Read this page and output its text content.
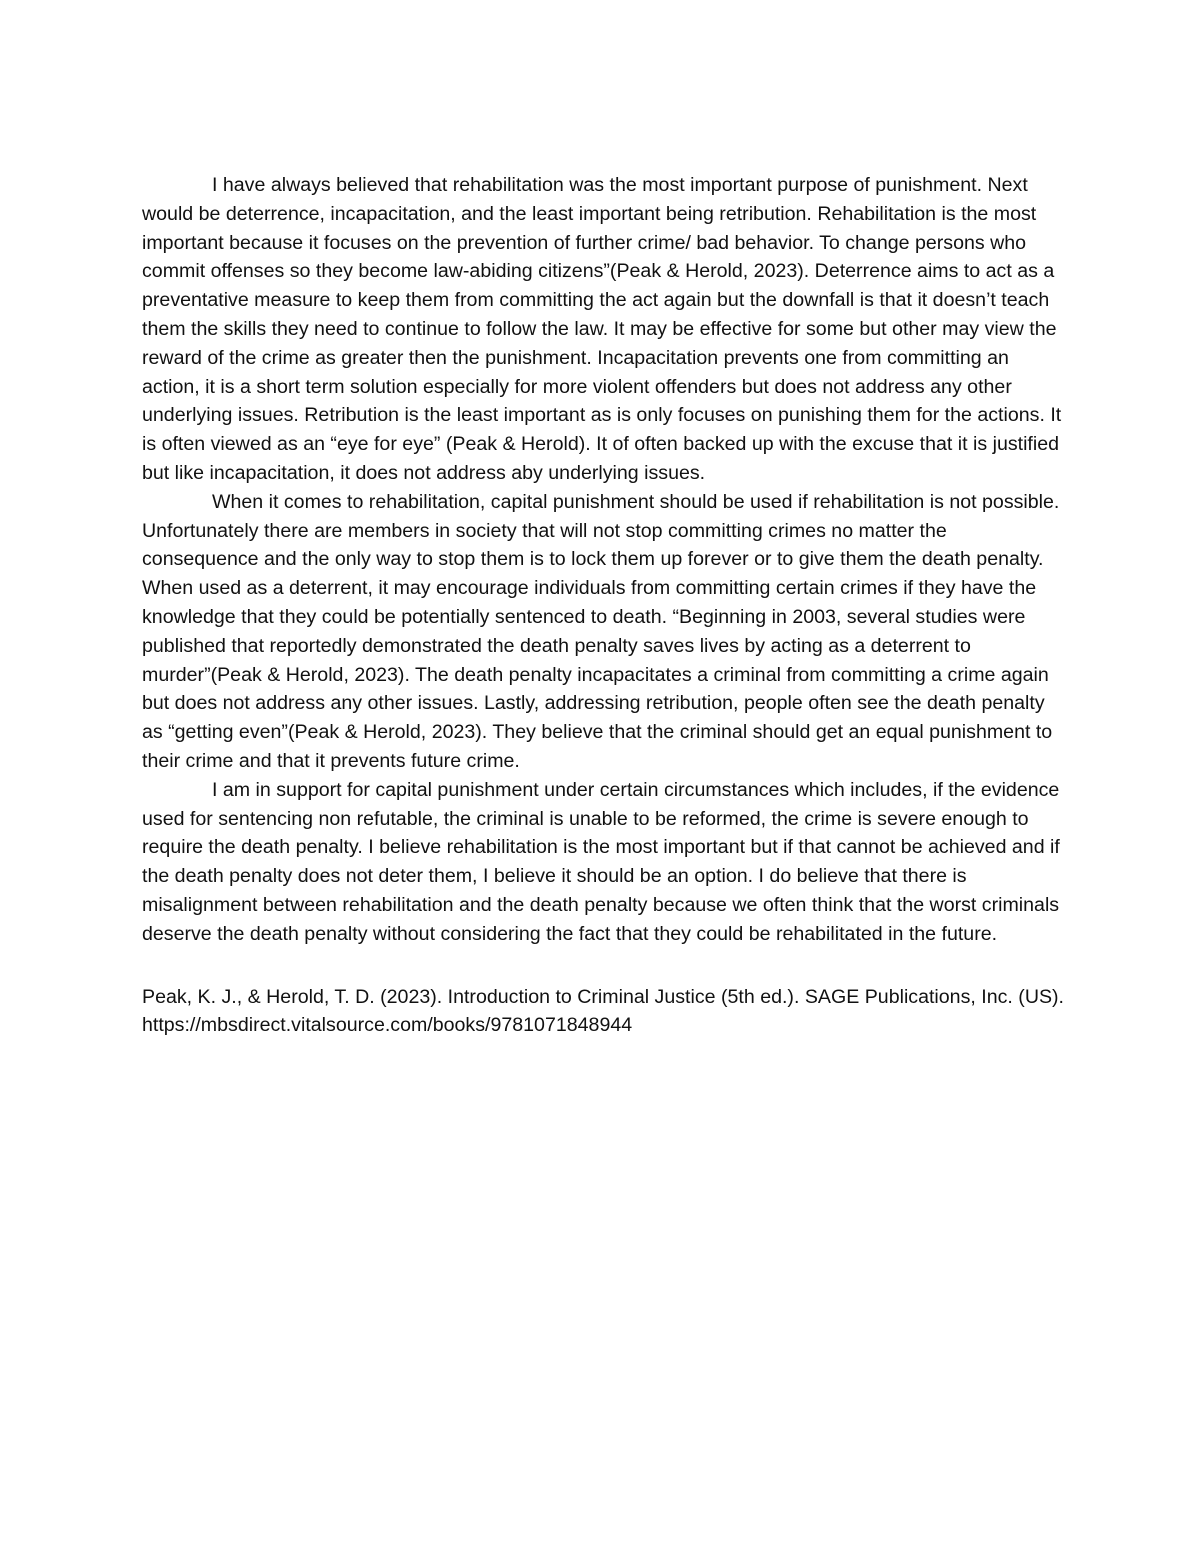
I have always believed that rehabilitation was the most important purpose of punishment. Next would be deterrence, incapacitation, and the least important being retribution. Rehabilitation is the most important because it focuses on the prevention of further crime/ bad behavior. To change persons who commit offenses so they become law-abiding citizens”(Peak & Herold, 2023). Deterrence aims to act as a preventative measure to keep them from committing the act again but the downfall is that it doesn’t teach them the skills they need to continue to follow the law. It may be effective for some but other may view the reward of the crime as greater then the punishment. Incapacitation prevents one from committing an action, it is a short term solution especially for more violent offenders but does not address any other underlying issues. Retribution is the least important as is only focuses on punishing them for the actions. It is often viewed as an “eye for eye” (Peak & Herold). It of often backed up with the excuse that it is justified but like incapacitation, it does not address aby underlying issues.

When it comes to rehabilitation, capital punishment should be used if rehabilitation is not possible. Unfortunately there are members in society that will not stop committing crimes no matter the consequence and the only way to stop them is to lock them up forever or to give them the death penalty. When used as a deterrent, it may encourage individuals from committing certain crimes if they have the knowledge that they could be potentially sentenced to death. “Beginning in 2003, several studies were published that reportedly demonstrated the death penalty saves lives by acting as a deterrent to murder”(Peak & Herold, 2023). The death penalty incapacitates a criminal from committing a crime again but does not address any other issues. Lastly, addressing retribution, people often see the death penalty as “getting even”(Peak & Herold, 2023). They believe that the criminal should get an equal punishment to their crime and that it prevents future crime.

I am in support for capital punishment under certain circumstances which includes, if the evidence used for sentencing non refutable, the criminal is unable to be reformed, the crime is severe enough to require the death penalty. I believe rehabilitation is the most important but if that cannot be achieved and if the death penalty does not deter them, I believe it should be an option. I do believe that there is misalignment between rehabilitation and the death penalty because we often think that the worst criminals deserve the death penalty without considering the fact that they could be rehabilitated in the future.

Peak, K. J., & Herold, T. D. (2023). Introduction to Criminal Justice (5th ed.). SAGE Publications, Inc. (US). https://mbsdirect.vitalsource.com/books/9781071848944
